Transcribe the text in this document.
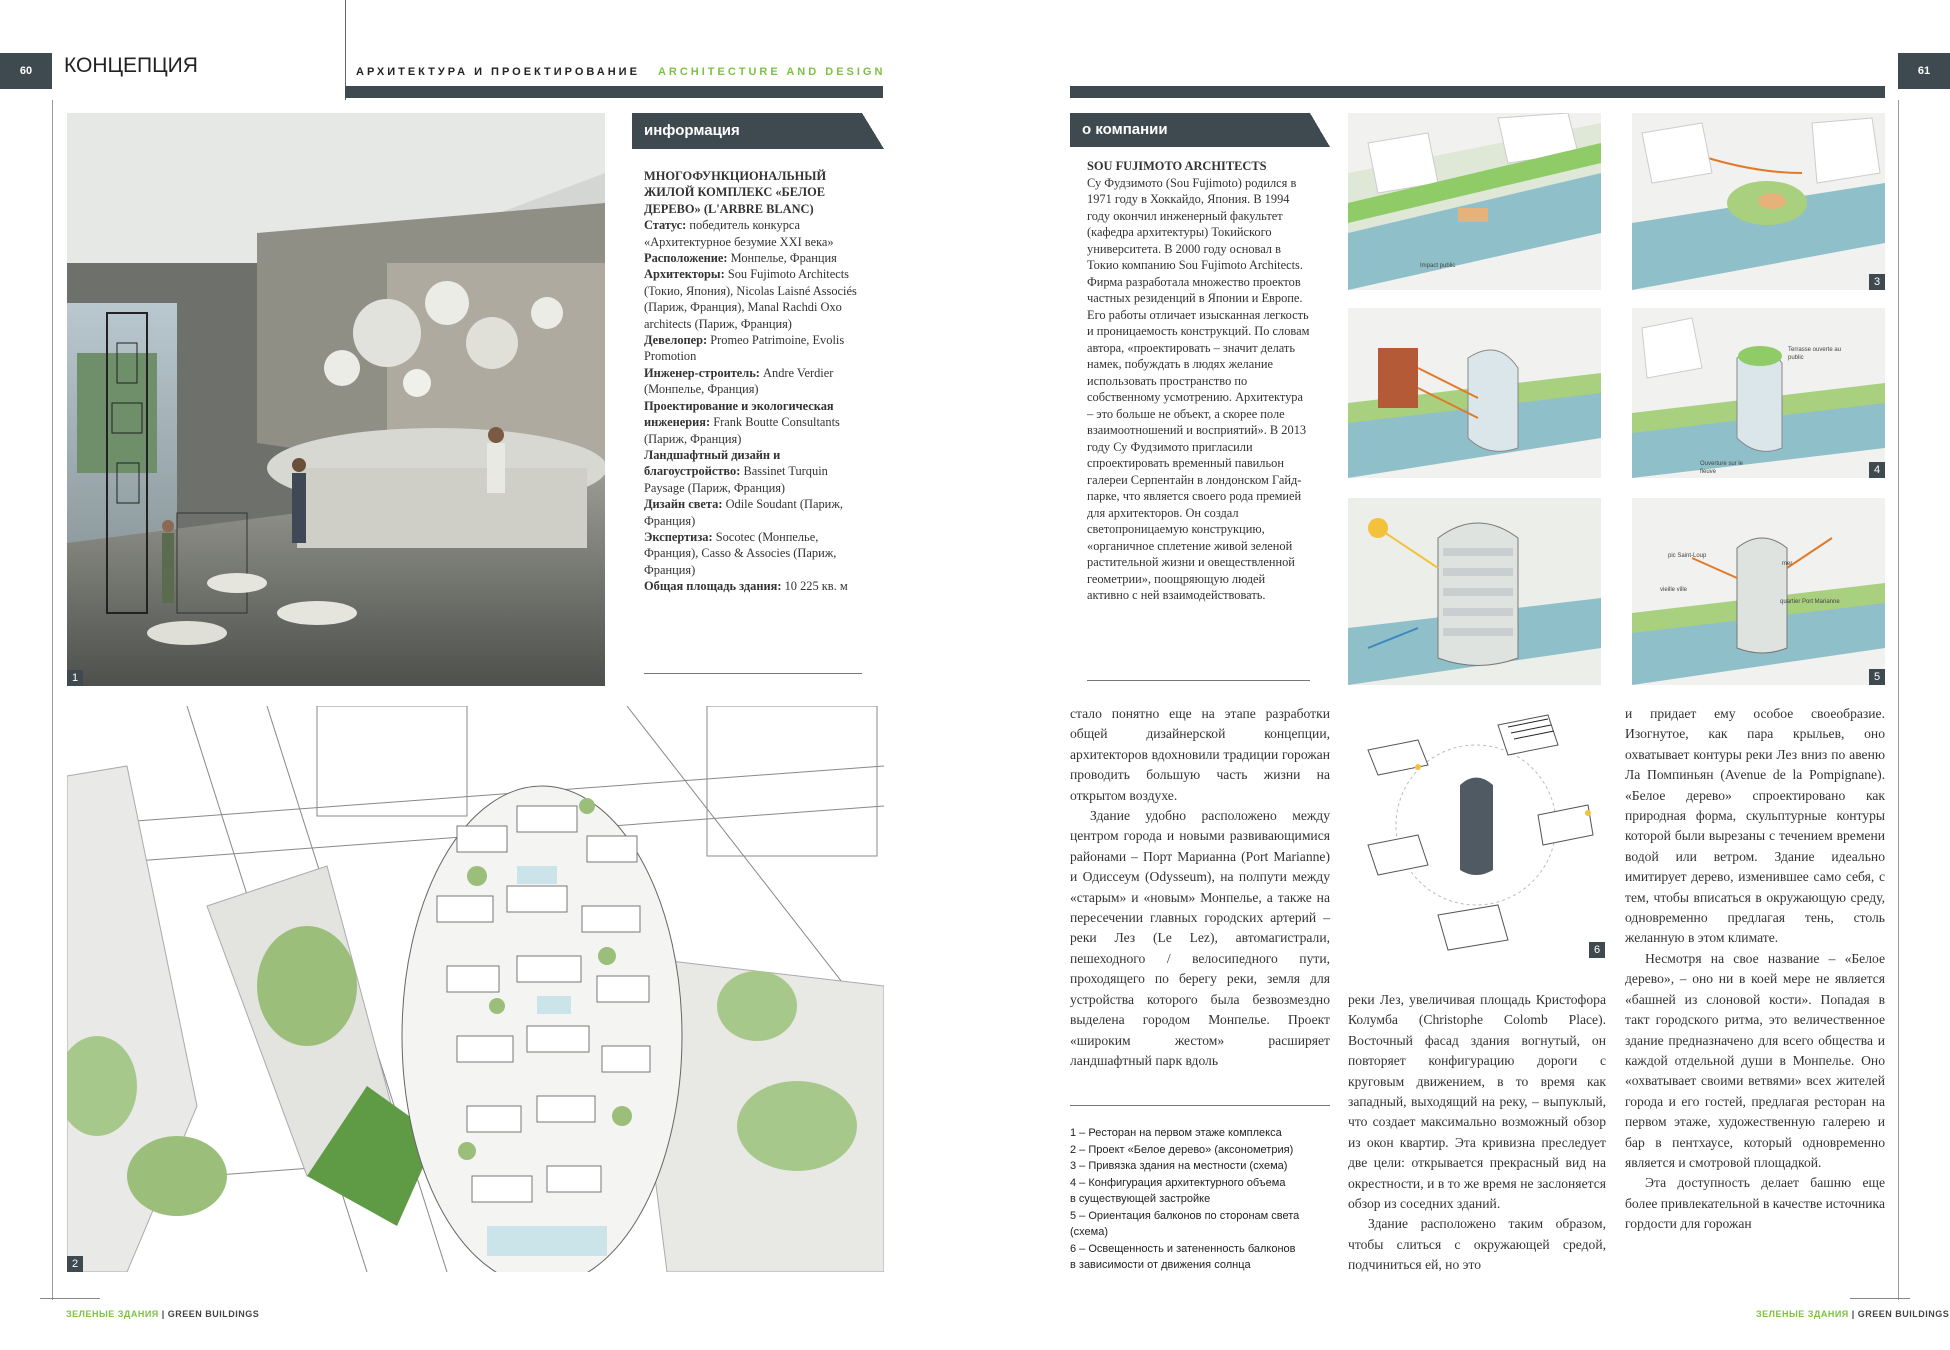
60	КОНЦЕПЦИЯ	АРХИТЕКТУРА И ПРОЕКТИРОВАНИЕ ARCHITECTURE AND DESIGN	61
1
информация
МНОГОФУНКЦИОНАЛЬНЫЙ ЖИЛОЙ КОМПЛЕКС «БЕЛОЕ ДЕРЕВО» (L'ARBRE BLANC)
Статус: победитель конкурса «Архитектурное безумие XXI века»
Расположение: Монпелье, Франция
Архитекторы: Sou Fujimoto Architects (Токио, Япония), Nicolas Laisné Associés (Париж, Франция), Manal Rachdi Oxo architects (Париж, Франция)
Девелопер: Promeo Patrimoine, Evolis Promotion
Инженер-строитель: Andre Verdier (Монпелье, Франция)
Проектирование и экологическая инженерия: Frank Boutte Consultants (Париж, Франция)
Ландшафтный дизайн и благоустройство: Bassinet Turquin Paysage (Париж, Франция)
Дизайн света: Odile Soudant (Париж, Франция)
Экспертиза: Socotec (Монпелье, Франция), Casso & Associes (Париж, Франция)
Общая площадь здания: 10 225 кв. м
2
о компании
SOU FUJIMOTO ARCHITECTS
Су Фудзимото (Sou Fujimoto) родился в 1971 году в Хоккайдо, Япония. В 1994 году окончил инженерный факультет (кафедра архитектуры) Токийского университета. В 2000 году основал в Токио компанию Sou Fujimoto Architects. Фирма разработала множество проектов частных резиденций в Японии и Европе. Его работы отличает изысканная легкость и проницаемость конструкций. По словам автора, «проектировать – значит делать намек, побуждать в людях желание использовать пространство по собственному усмотрению. Архитектура – это больше не объект, а скорее поле взаимоотношений и восприятий». В 2013 году Су Фудзимото пригласили спроектировать временный павильон галереи Серпентайн в лондонском Гайд-парке, что является своего рода премией для архитекторов. Он создал светопроницаемую конструкцию, «органичное сплетение живой зеленой растительной жизни и овеществленной геометрии», поощряющую людей активно с ней взаимодействовать.
Impact public
3
Terrasse ouverte au public
Ouverture sur le fleuve	4
pic Saint-Loup
mer
vieille ville
quartier Port Marianne
5
6

стало понятно еще на этапе разработки общей дизайнерской концепции, архитекторов вдохновили традиции горожан проводить большую часть жизни на открытом воздухе.

Здание удобно расположено между центром города и новыми развивающимися районами – Порт Марианна (Port Marianne) и Одиссеум (Odysseum), на полпути между «старым» и «новым» Монпелье, а также на пересечении главных городских артерий – реки Лез (Le Lez), автомагистрали, пешеходного / велосипедного пути, проходящего по берегу реки, земля для устройства которого была безвозмездно выделена городом Монпелье. Проект «широким жестом» расширяет ландшафтный парк вдоль

1 – Ресторан на первом этаже комплекса
2 – Проект «Белое дерево» (аксонометрия)
3 – Привязка здания на местности (схема)
4 – Конфигурация архитектурного объема
в существующей застройке
5 – Ориентация балконов по сторонам света
(схема)
6 – Освещенность и затененность балконов
в зависимости от движения солнца

реки Лез, увеличивая площадь Кристофора Колумба (Christophe Colomb Place). Восточный фасад здания вогнутый, он повторяет конфигурацию дороги с круговым движением, в то время как западный, выходящий на реку, – выпуклый, что создает максимально возможный обзор из окон квартир. Эта кривизна преследует две цели: открывается прекрасный вид на окрестности, и в то же время не заслоняется обзор из соседних зданий.

Здание расположено таким образом, чтобы слиться с окружающей средой, подчиниться ей, но это

и придает ему особое своеобразие. Изогнутое, как пара крыльев, оно охватывает контуры реки Лез вниз по авеню Ла Помпиньян (Avenue de la Pompignane). «Белое дерево» спроектировано как природная форма, скульптурные контуры которой были вырезаны с течением времени водой или ветром. Здание идеально имитирует дерево, изменившее само себя, с тем, чтобы вписаться в окружающую среду, одновременно предлагая тень, столь желанную в этом климате.

Несмотря на свое название – «Белое дерево», – оно ни в коей мере не является «башней из слоновой кости». Попадая в такт городского ритма, это величественное здание предназначено для всего общества и каждой отдельной души в Монпелье. Оно «охватывает своими ветвями» всех жителей города и его гостей, предлагая ресторан на первом этаже, художественную галерею и бар в пентхаусе, который одновременно является и смотровой площадкой.

Эта доступность делает башню еще более привлекательной в качестве источника гордости для горожан

ЗЕЛЕНЫЕ ЗДАНИЯ | GREEN BUILDINGS	ЗЕЛЕНЫЕ ЗДАНИЯ | GREEN BUILDINGS
